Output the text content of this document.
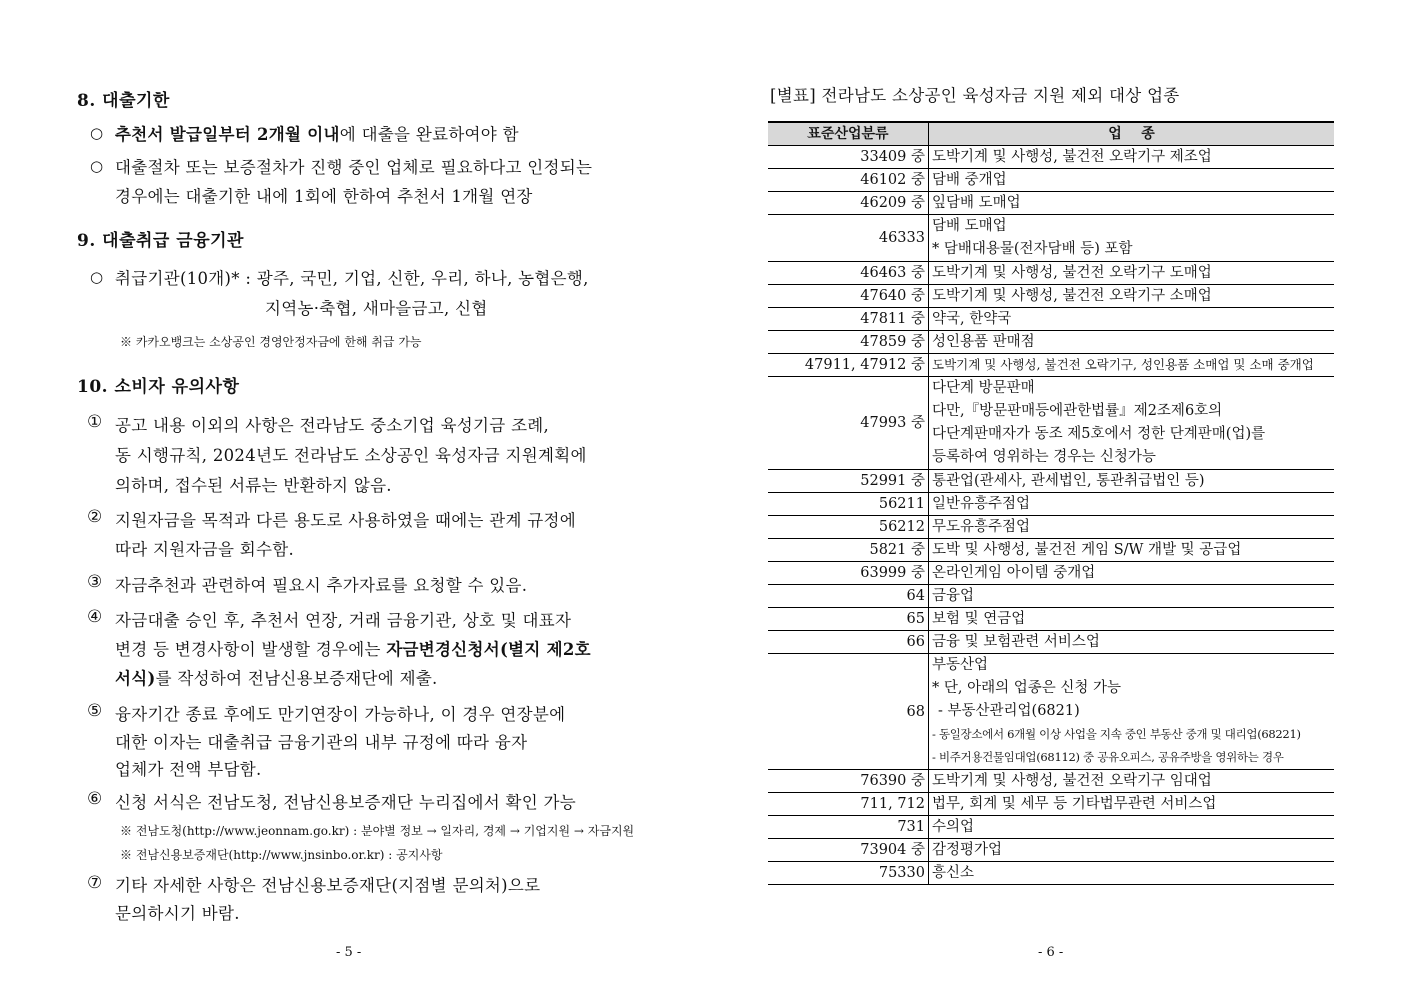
8. 대출기한
○ 추천서 발급일부터 2개월 이내에 대출을 완료하여야 함
○ 대출절차 또는 보증절차가 진행 중인 업체로 필요하다고 인정되는
경우에는 대출기한 내에 1회에 한하여 추천서 1개월 연장
9. 대출취급 금융기관
○ 취급기관(10개)* : 광주, 국민, 기업, 신한, 우리, 하나, 농협은행,
지역농·축협, 새마을금고, 신협
※ 카카오뱅크는 소상공인 경영안정자금에 한해 취급 가능
10. 소비자 유의사항
① 공고 내용 이외의 사항은 전라남도 중소기업 육성기금 조례,
동 시행규칙, 2024년도 전라남도 소상공인 육성자금 지원계획에
의하며, 접수된 서류는 반환하지 않음.
② 지원자금을 목적과 다른 용도로 사용하였을 때에는 관계 규정에
따라 지원자금을 회수함.
③ 자금추천과 관련하여 필요시 추가자료를 요청할 수 있음.
④ 자금대출 승인 후, 추천서 연장, 거래 금융기관, 상호 및 대표자
변경 등 변경사항이 발생할 경우에는 자금변경신청서(별지 제2호
서식)를 작성하여 전남신용보증재단에 제출.
⑤ 융자기간 종료 후에도 만기연장이 가능하나, 이 경우 연장분에
대한 이자는 대출취급 금융기관의 내부 규정에 따라 융자
업체가 전액 부담함.
⑥ 신청 서식은 전남도청, 전남신용보증재단 누리집에서 확인 가능
※ 전남도청(http://www.jeonnam.go.kr) : 분야별 정보 → 일자리, 경제 → 기업지원 → 자금지원
※ 전남신용보증재단(http://www.jnsinbo.or.kr) : 공지사항
⑦ 기타 자세한 사항은 전남신용보증재단(지점별 문의처)으로
문의하시기 바람.
- 5 -
[별표] 전라남도 소상공인 육성자금 지원 제외 대상 업종
표준산업분류	업    종
33409 중	도박기계 및 사행성, 불건전 오락기구 제조업
46102 중	담배 중개업
46209 중	잎담배 도매업
46333	담배 도매업
* 담배대용물(전자담배 등) 포함

46463 중	도박기계 및 사행성, 불건전 오락기구 도매업
47640 중	도박기계 및 사행성, 불건전 오락기구 소매업
47811 중	약국, 한약국
47859 중	성인용품 판매점
47911, 47912 중	도박기계 및 사행성, 불건전 오락기구, 성인용품 소매업 및 소매 중개업
47993 중	다단계 방문판매
다만,『방문판매등에관한법률』제2조제6호의
다단계판매자가 동조 제5호에서 정한 단계판매(업)를
등록하여 영위하는 경우는 신청가능

52991 중	통관업(관세사, 관세법인, 통관취급법인 등)
56211	일반유흥주점업
56212	무도유흥주점업
5821 중	도박 및 사행성, 불건전 게임 S/W 개발 및 공급업
63999 중	온라인게임 아이템 중개업
64	금융업
65	보험 및 연금업
66	금융 및 보험관련 서비스업
68	부동산업
* 단, 아래의 업종은 신청 가능
- 부동산관리업(6821)
- 동일장소에서 6개월 이상 사업을 지속 중인 부동산 중개 및 대리업(68221)
- 비주거용건물임대업(68112) 중 공유오피스, 공유주방을 영위하는 경우

76390 중	도박기계 및 사행성, 불건전 오락기구 임대업
711, 712	법무, 회계 및 세무 등 기타법무관련 서비스업
731	수의업
73904 중	감정평가업
75330	흥신소
- 6 -
